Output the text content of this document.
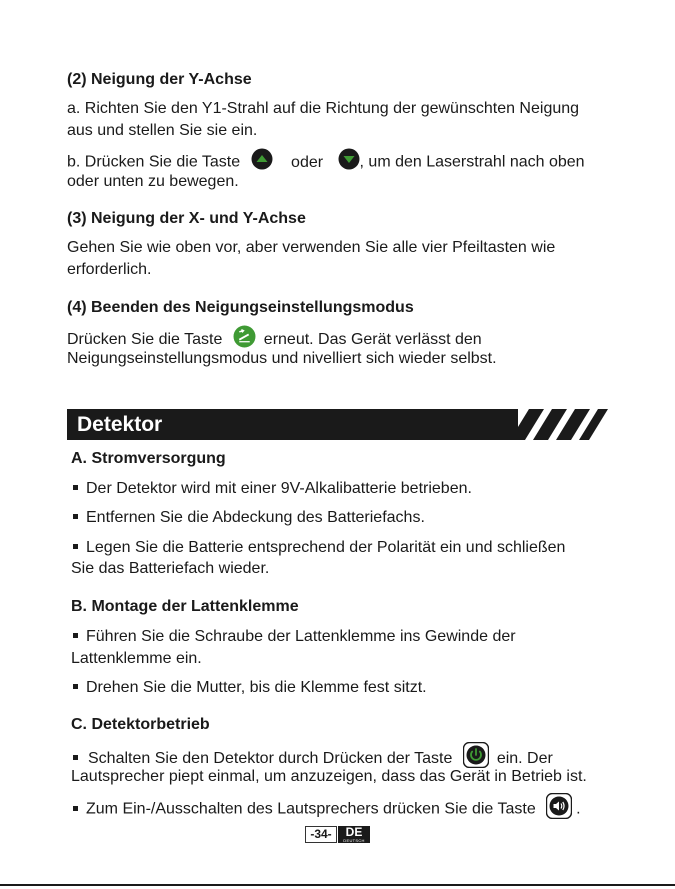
(2) Neigung der Y-Achse
a. Richten Sie den Y1-Strahl auf die Richtung der gewünschten Neigung
aus und stellen Sie sie ein.
b. Drücken Sie die Taste	oder , um den Laserstrahl nach oben
oder unten zu bewegen.
(3) Neigung der X- und Y-Achse
Gehen Sie wie oben vor, aber verwenden Sie alle vier Pfeiltasten wie
erforderlich.
(4) Beenden des Neigungseinstellungsmodus
Drücken Sie die Taste	erneut. Das Gerät verlässt den
Neigungseinstellungsmodus und nivelliert sich wieder selbst.
Detektor
A. Stromversorgung
Der Detektor wird mit einer 9V-Alkalibatterie betrieben.
Entfernen Sie die Abdeckung des Batteriefachs.
Legen Sie die Batterie entsprechend der Polarität ein und schließen
Sie das Batteriefach wieder.
B. Montage der Lattenklemme
Führen Sie die Schraube der Lattenklemme ins Gewinde der
Lattenklemme ein.
Drehen Sie die Mutter, bis die Klemme fest sitzt.
C. Detektorbetrieb
Schalten Sie den Detektor durch Drücken der Taste	ein. Der
Lautsprecher piept einmal, um anzuzeigen, dass das Gerät in Betrieb ist.
Zum Ein-/Ausschalten des Lautsprechers drücken Sie die Taste	.
-34-	DE
DEUTSCH
